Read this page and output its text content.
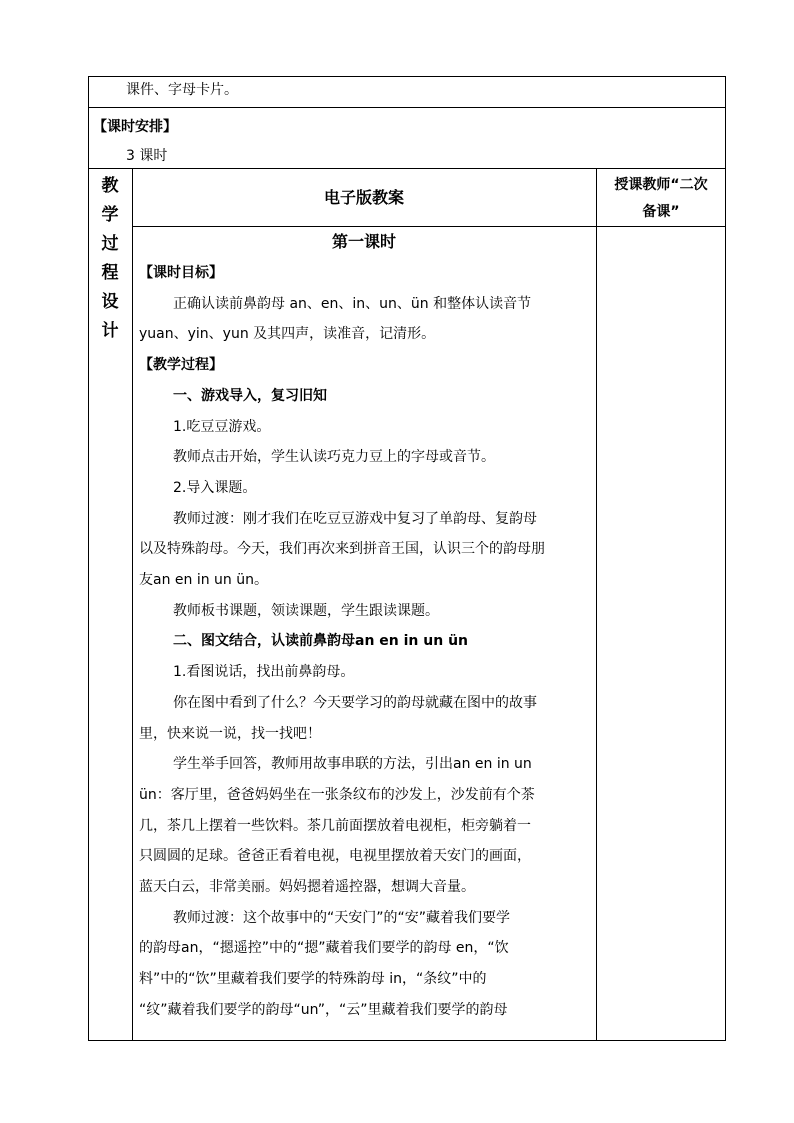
课件、字母卡片。
【课时安排】
3 课时
教
学
过
程
设
计
电子版教案
授课教师“二次
备课”
第一课时
【课时目标】
正确认读前鼻韵母 an、en、in、un、ün 和整体认读音节
yuan、yin、yun 及其四声，读准音，记清形。
【教学过程】
一、游戏导入，复习旧知
1.吃豆豆游戏。
教师点击开始，学生认读巧克力豆上的字母或音节。
2.导入课题。
教师过渡：刚才我们在吃豆豆游戏中复习了单韵母、复韵母
以及特殊韵母。今天，我们再次来到拼音王国，认识三个的韵母朋
友an en in un ün。
教师板书课题，领读课题，学生跟读课题。
二、图文结合，认读前鼻韵母an en in un ün
1.看图说话，找出前鼻韵母。
你在图中看到了什么？今天要学习的韵母就藏在图中的故事
里，快来说一说，找一找吧！
学生举手回答，教师用故事串联的方法，引出an en in un
ün：客厅里，爸爸妈妈坐在一张条纹布的沙发上，沙发前有个茶
几，茶几上摆着一些饮料。茶几前面摆放着电视柜，柜旁躺着一
只圆圆的足球。爸爸正看着电视，电视里摆放着天安门的画面，
蓝天白云，非常美丽。妈妈摁着遥控器，想调大音量。
教师过渡：这个故事中的“天安门”的“安”藏着我们要学
的韵母an，“摁遥控”中的“摁”藏着我们要学的韵母 en，“饮
料”中的“饮”里藏着我们要学的特殊韵母 in，“条纹”中的
“纹”藏着我们要学的韵母“un”，“云”里藏着我们要学的韵母
